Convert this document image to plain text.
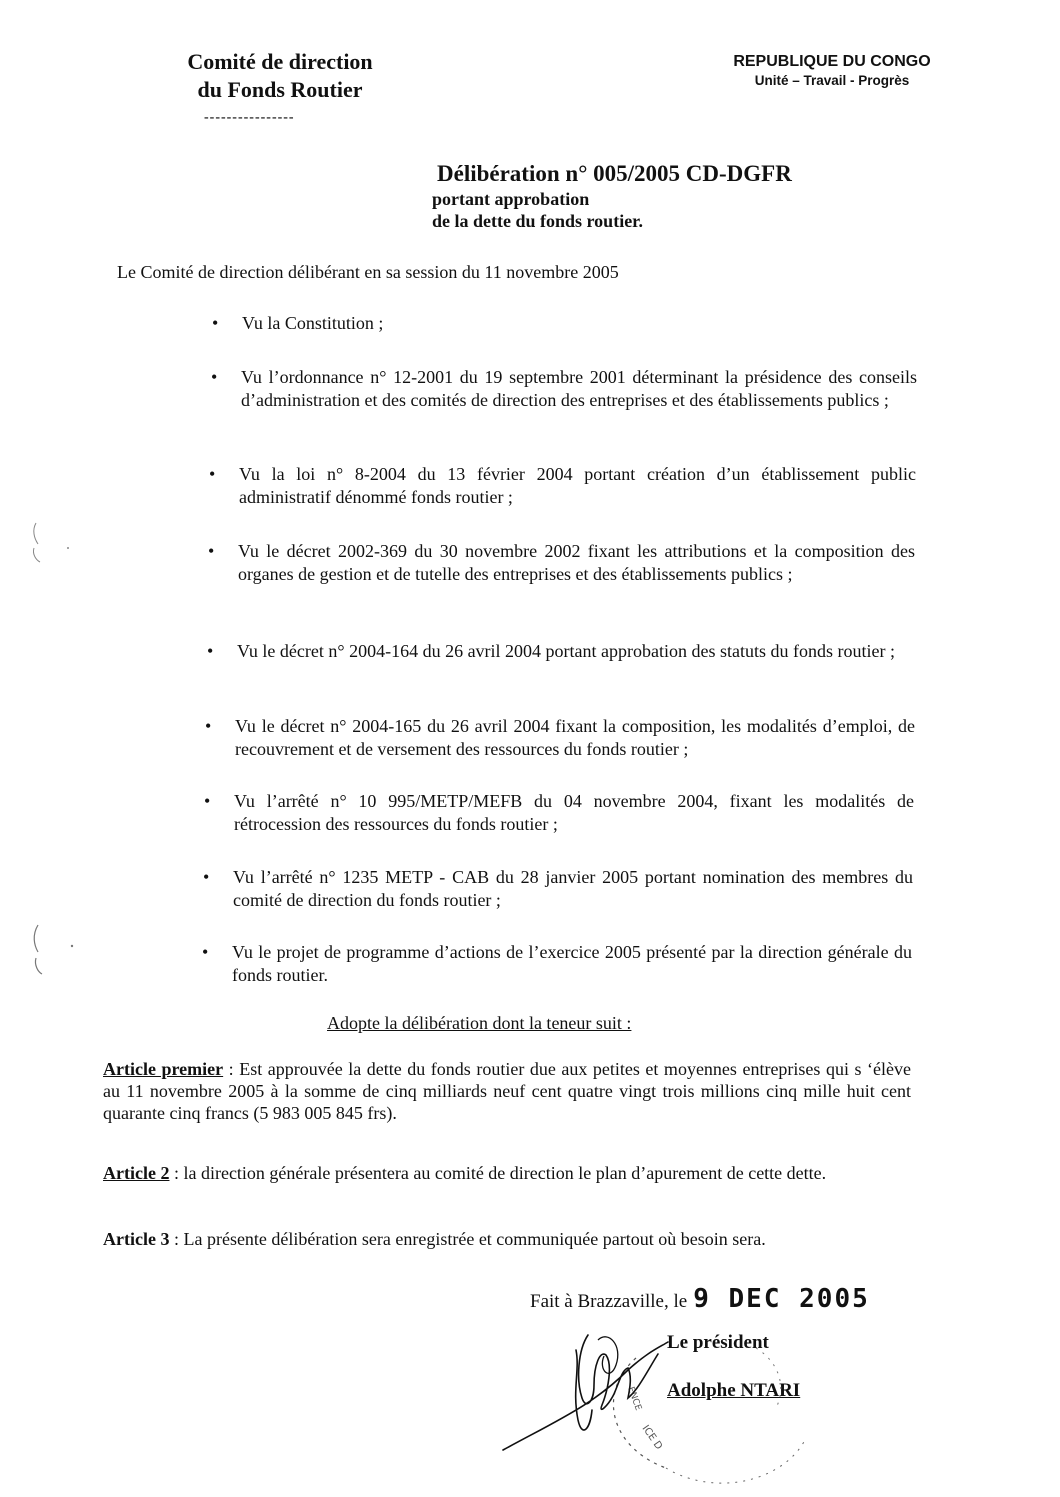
Comité de direction
du Fonds Routier
----------------
REPUBLIQUE DU CONGO
Unité – Travail - Progrès
Délibération n° 005/2005 CD-DGFR
portant approbation
de la dette du fonds routier.
Le Comité de direction délibérant en sa session du 11 novembre 2005
• Vu la Constitution ;
• Vu l’ordonnance n° 12-2001 du 19 septembre 2001 déterminant la présidence des conseils d’administration et des comités de direction des entreprises et des établissements publics ;
• Vu la loi n° 8-2004 du 13 février 2004 portant création d’un établissement public administratif dénommé fonds routier ;
• Vu le décret 2002-369 du 30 novembre 2002 fixant les attributions et la composition des organes de gestion et de tutelle des entreprises et des établissements publics ;
• Vu le décret n° 2004-164 du 26 avril 2004 portant approbation des statuts du fonds routier ;
• Vu le décret n° 2004-165 du 26 avril 2004 fixant la composition, les modalités d’emploi, de recouvrement et de versement des ressources du fonds routier ;
• Vu l’arrêté n° 10 995/METP/MEFB du 04 novembre 2004, fixant les modalités de rétrocession des ressources du fonds routier ;
• Vu l’arrêté n° 1235 METP - CAB du 28 janvier 2005 portant nomination des membres du comité de direction du fonds routier ;
• Vu le projet de programme d’actions de l’exercice 2005 présenté par la direction générale du fonds routier.
Adopte la délibération dont la teneur suit :
Article premier : Est approuvée la dette du fonds routier due aux petites et moyennes entreprises qui s ‘élève au 11 novembre 2005 à la somme de cinq milliards neuf cent quatre vingt trois millions cinq mille huit cent quarante cinq francs (5 983 005 845 frs).
Article 2 : la direction générale présentera au comité de direction le plan d’apurement de cette dette.
Article 3 : La présente délibération sera enregistrée et communiquée partout où besoin sera.
Fait à Brazzaville, le 9 DEC 2005
Le président
Adolphe NTARI
ENCE
ICE D
